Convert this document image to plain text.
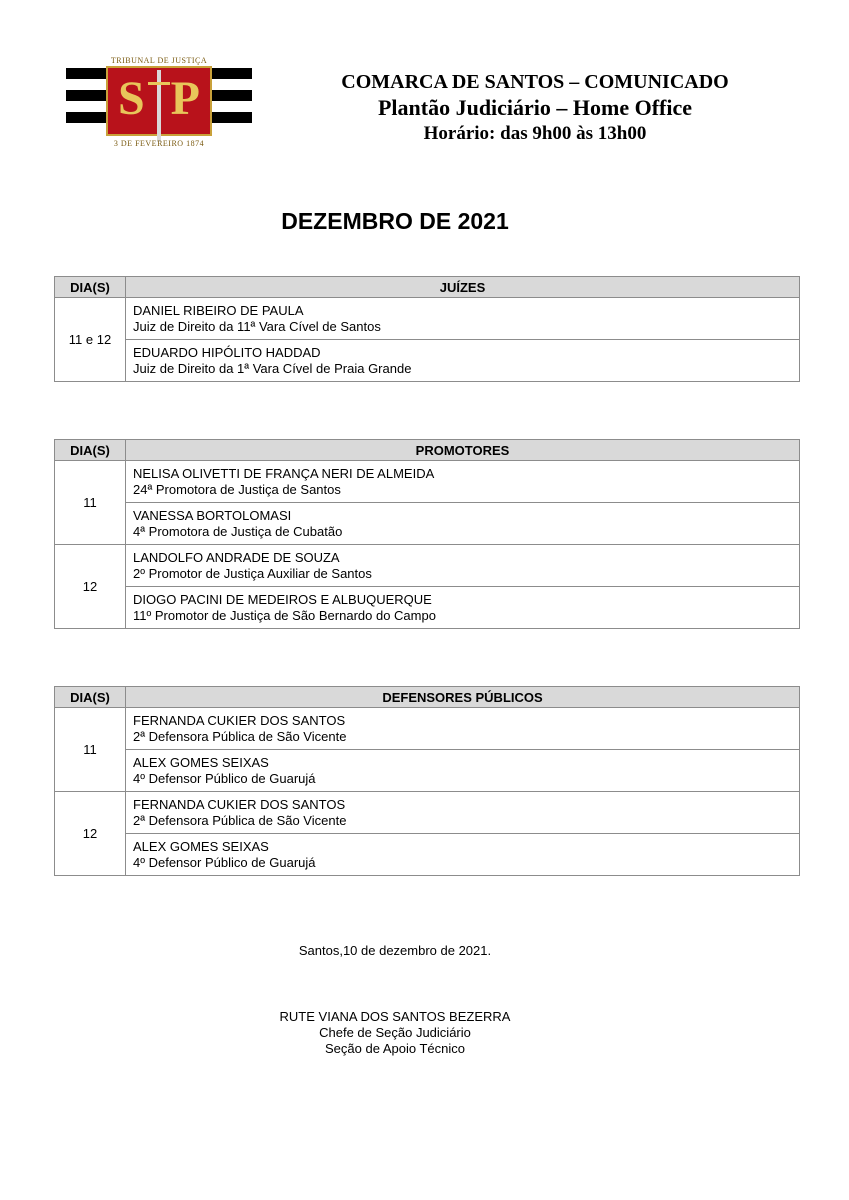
TRIBUNAL DE JUSTIÇA
S P
3 DE FEVEREIRO 1874
COMARCA DE SANTOS – COMUNICADO
Plantão Judiciário – Home Office
Horário: das 9h00 às 13h00
DEZEMBRO DE 2021
DIA(S)	JUÍZES
11 e 12	DANIEL RIBEIRO DE PAULA
Juiz de Direito da 11ª Vara Cível de Santos

	EDUARDO HIPÓLITO HADDAD
Juiz de Direito da 1ª Vara Cível de Praia Grande
DIA(S)	PROMOTORES
11	NELISA OLIVETTI DE FRANÇA NERI DE ALMEIDA
24ª Promotora de Justiça de Santos

	VANESSA BORTOLOMASI
4ª Promotora de Justiça de Cubatão

12	LANDOLFO ANDRADE DE SOUZA
2º Promotor de Justiça Auxiliar de Santos

	DIOGO PACINI DE MEDEIROS E ALBUQUERQUE
11º Promotor de Justiça de São Bernardo do Campo
DIA(S)	DEFENSORES PÚBLICOS
11	FERNANDA CUKIER DOS SANTOS
2ª Defensora Pública de São Vicente

	ALEX GOMES SEIXAS
4º Defensor Público de Guarujá

12	FERNANDA CUKIER DOS SANTOS
2ª Defensora Pública de São Vicente

	ALEX GOMES SEIXAS
4º Defensor Público de Guarujá
Santos,10 de dezembro de 2021.
RUTE VIANA DOS SANTOS BEZERRA
Chefe de Seção Judiciário
Seção de Apoio Técnico
